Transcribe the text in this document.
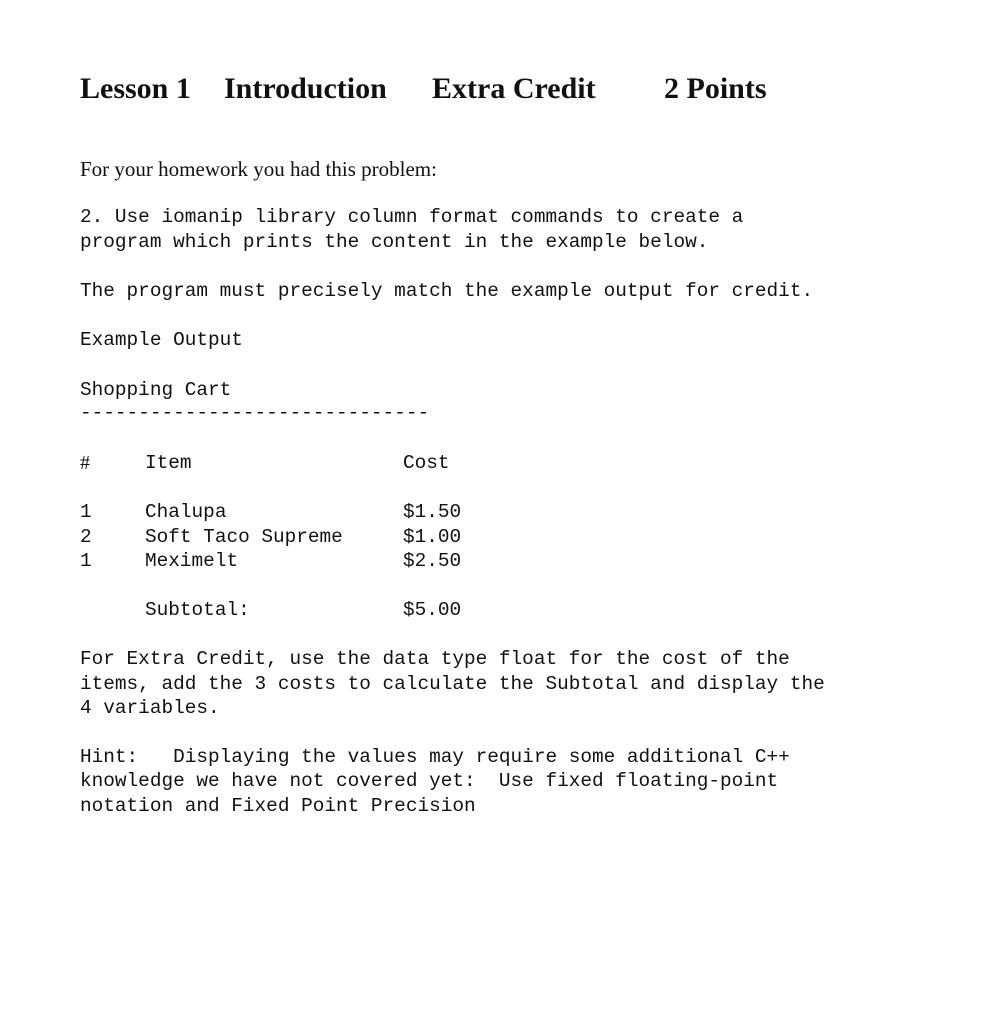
Lesson 1 Introduction Extra Credit 2 Points
For your homework you had this problem:
2. Use iomanip library column format commands to create a
program which prints the content in the example below.
The program must precisely match the example output for credit.
Example Output
Shopping Cart
------------------------------
#	Item	Cost
1	Chalupa	$1.50
2	Soft Taco Supreme	$1.00
1	Meximelt	$2.50
Subtotal:	$5.00
For Extra Credit, use the data type float for the cost of the
items, add the 3 costs to calculate the Subtotal and display the
4 variables.
Hint:   Displaying the values may require some additional C++
knowledge we have not covered yet:  Use fixed floating-point
notation and Fixed Point Precision
